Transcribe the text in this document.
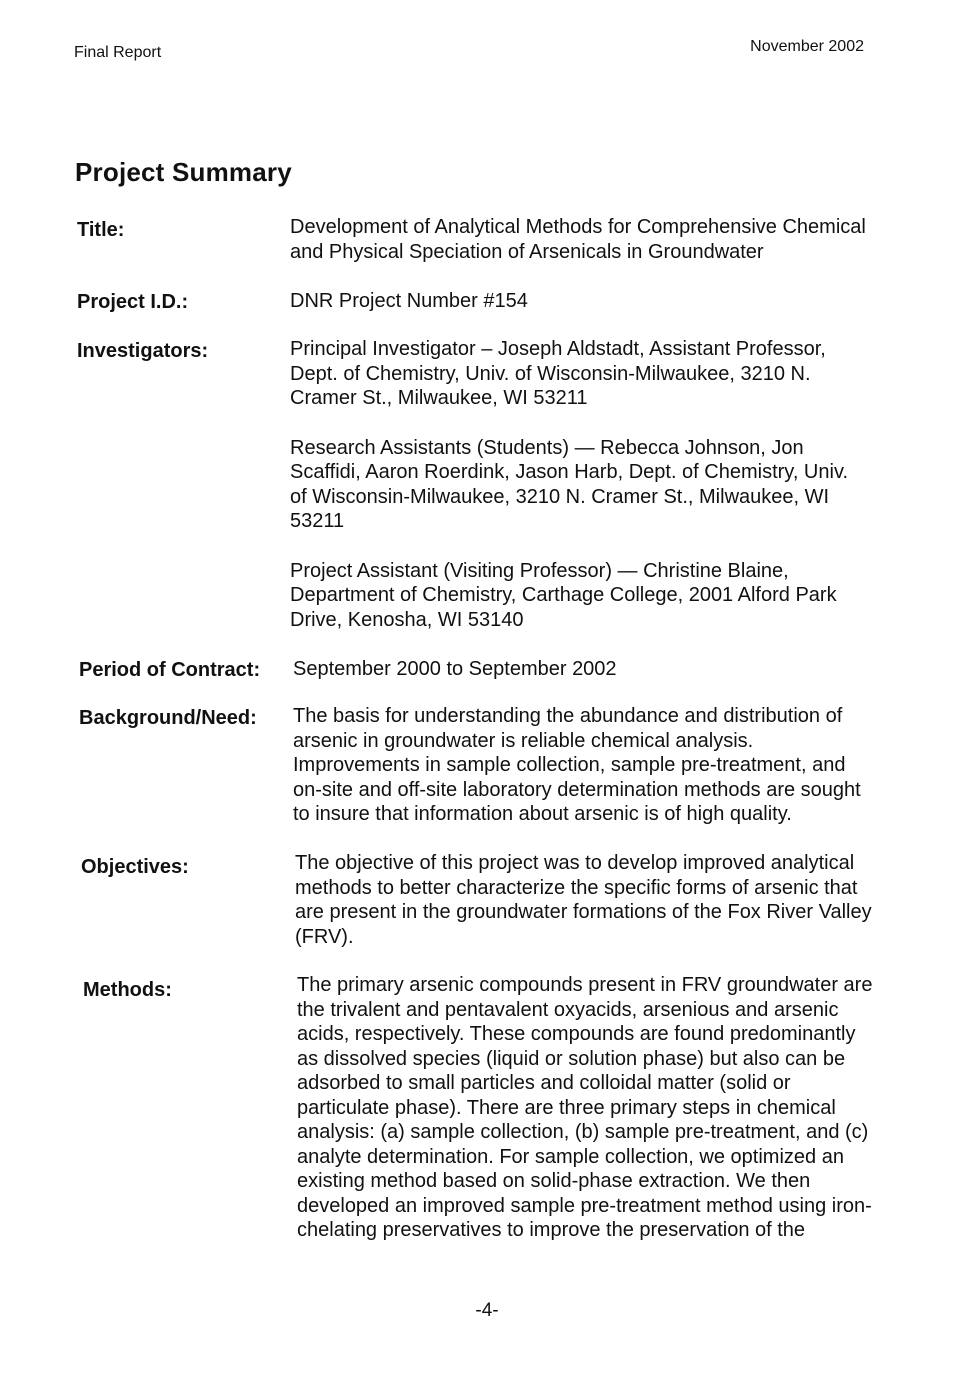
Final Report	November 2002
Project Summary
Title:	Development of Analytical Methods for Comprehensive Chemical
and Physical Speciation of Arsenicals in Groundwater
Project I.D.:	DNR Project Number #154
Investigators:	Principal Investigator – Joseph Aldstadt, Assistant Professor,
Dept. of Chemistry, Univ. of Wisconsin-Milwaukee, 3210 N.
Cramer St., Milwaukee, WI 53211

Research Assistants (Students) — Rebecca Johnson, Jon
Scaffidi, Aaron Roerdink, Jason Harb, Dept. of Chemistry, Univ.
of Wisconsin-Milwaukee, 3210 N. Cramer St., Milwaukee, WI
53211

Project Assistant (Visiting Professor) — Christine Blaine,
Department of Chemistry, Carthage College, 2001 Alford Park
Drive, Kenosha, WI 53140

Period of Contract: September 2000 to September 2002
Background/Need: The basis for understanding the abundance and distribution of
arsenic in groundwater is reliable chemical analysis.
Improvements in sample collection, sample pre-treatment, and
on-site and off-site laboratory determination methods are sought
to insure that information about arsenic is of high quality.
Objectives:	The objective of this project was to develop improved analytical
methods to better characterize the specific forms of arsenic that
are present in the groundwater formations of the Fox River Valley
(FRV).
Methods:	The primary arsenic compounds present in FRV groundwater are
the trivalent and pentavalent oxyacids, arsenious and arsenic
acids, respectively. These compounds are found predominantly
as dissolved species (liquid or solution phase) but also can be
adsorbed to small particles and colloidal matter (solid or
particulate phase). There are three primary steps in chemical
analysis: (a) sample collection, (b) sample pre-treatment, and (c)
analyte determination. For sample collection, we optimized an
existing method based on solid-phase extraction. We then
developed an improved sample pre-treatment method using iron-
chelating preservatives to improve the preservation of the
-4-
